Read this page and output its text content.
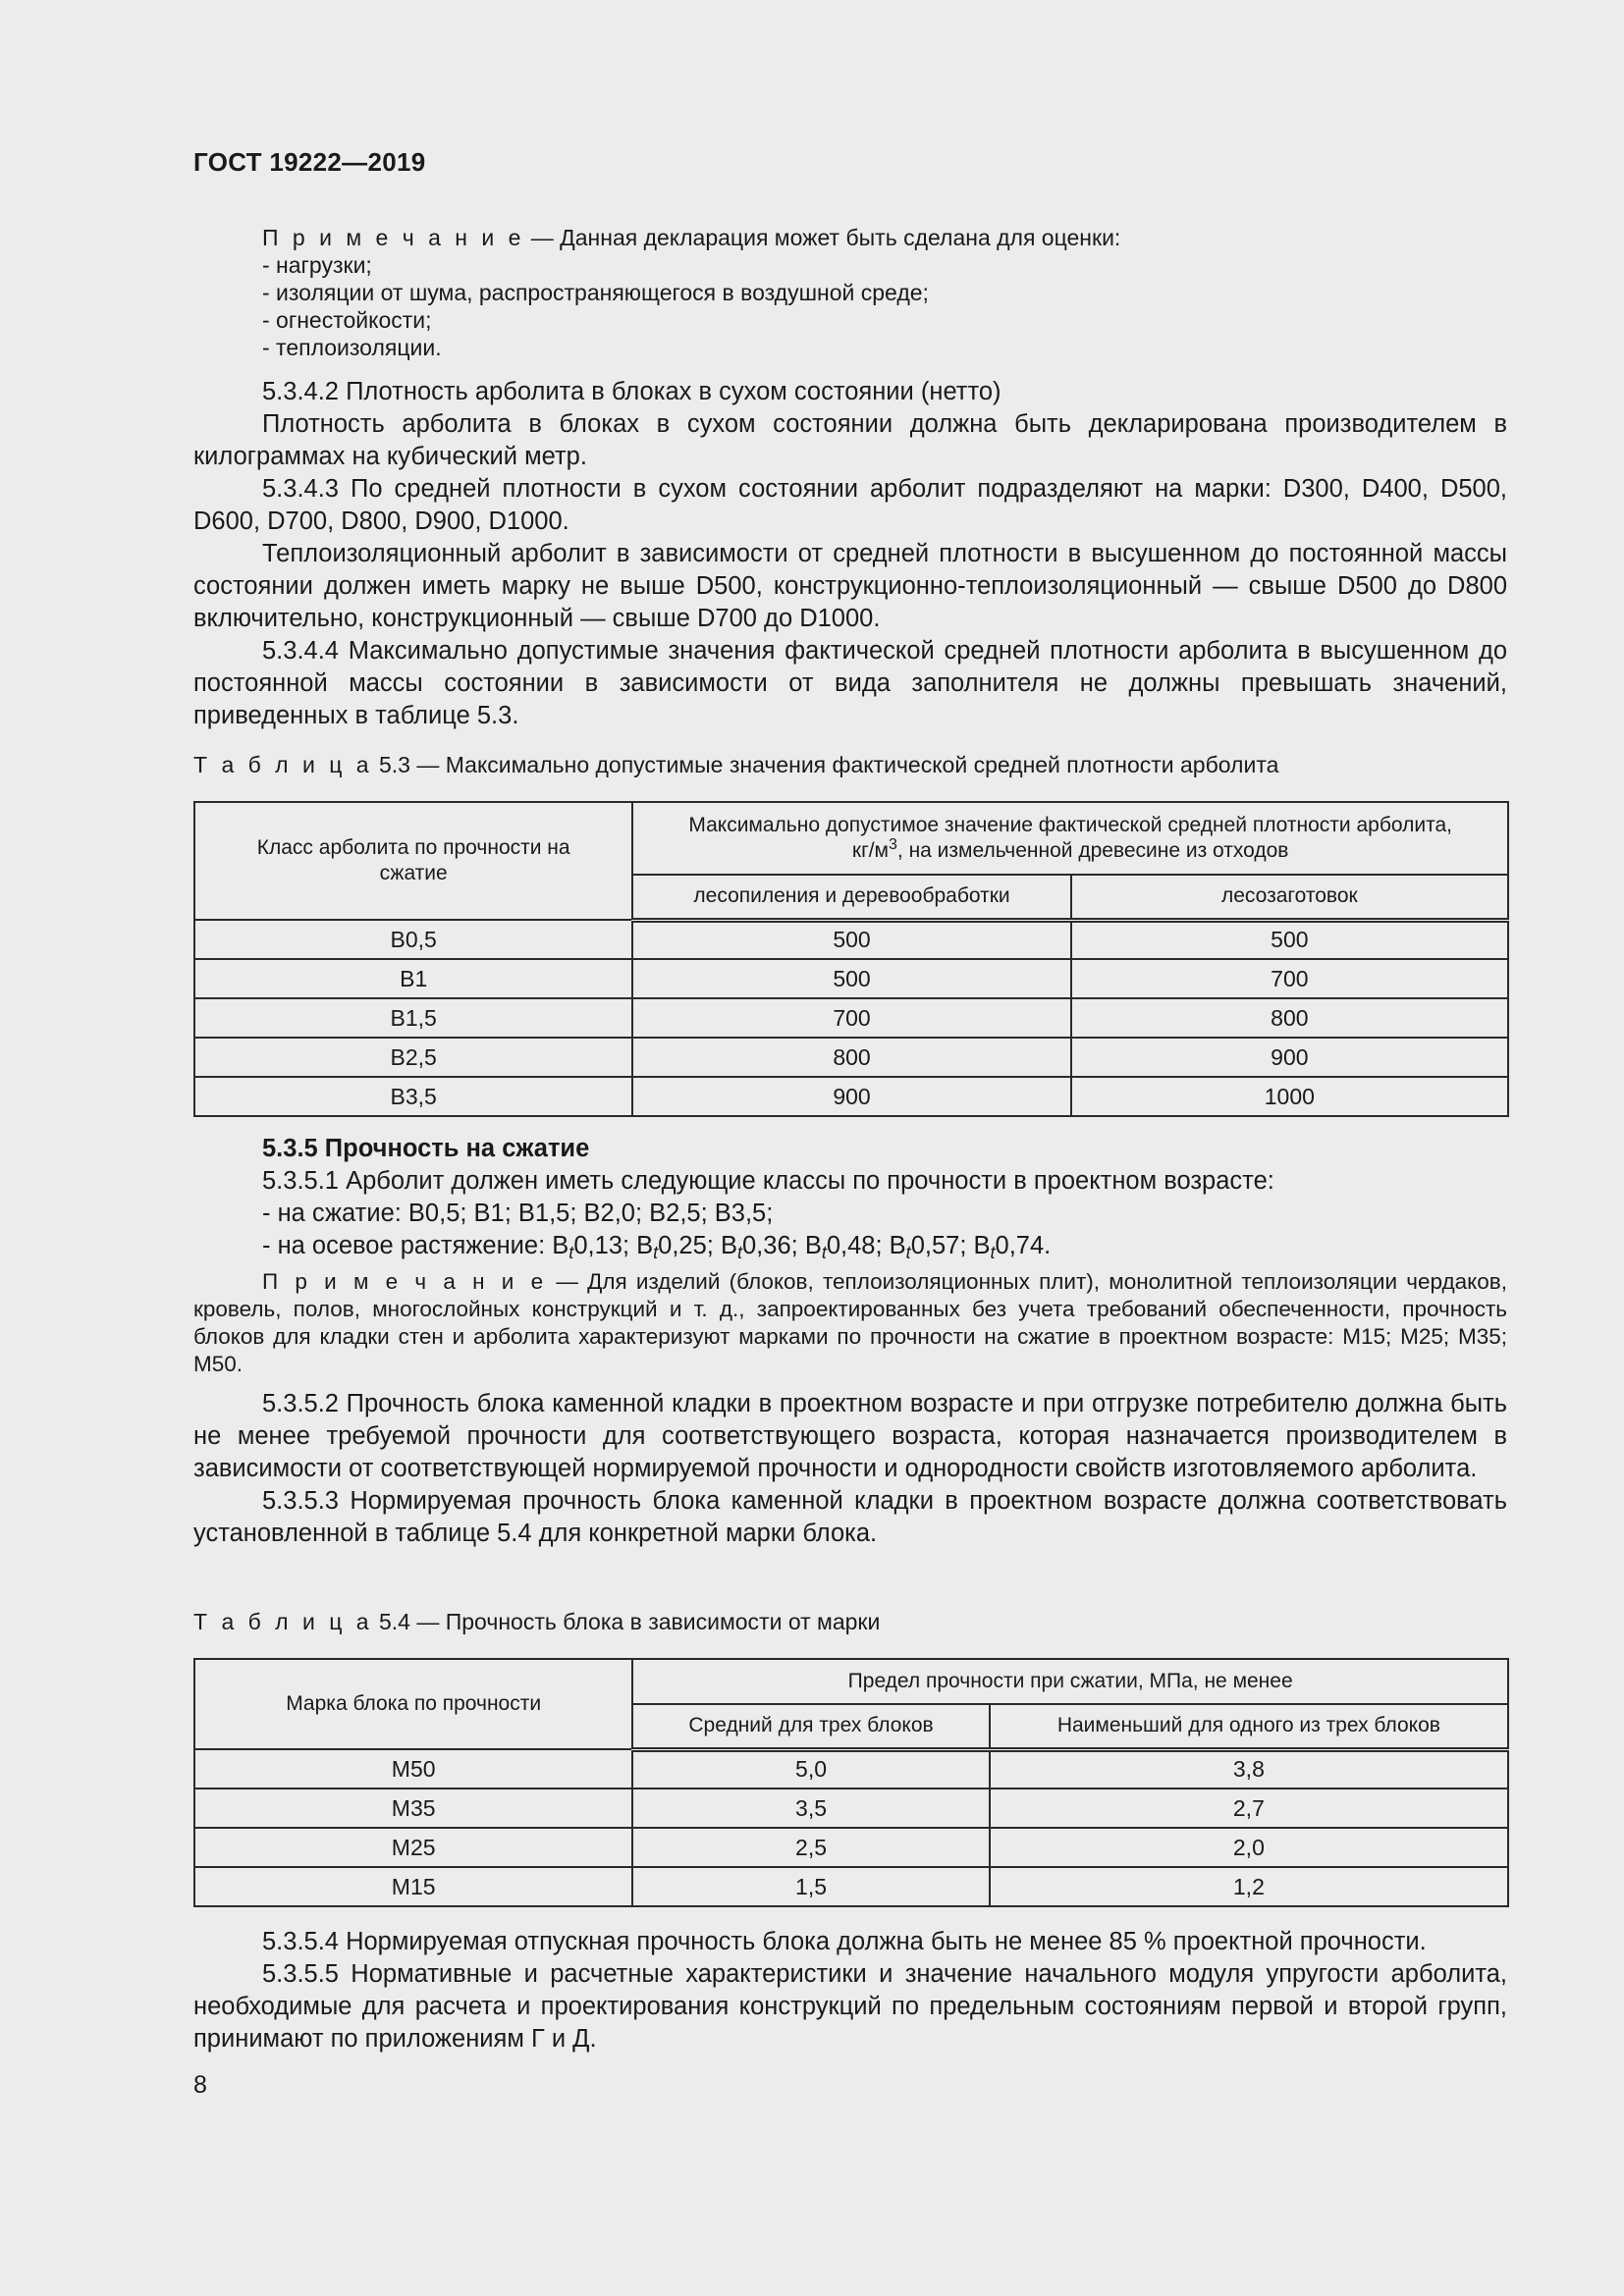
ГОСТ 19222—2019
П р и м е ч а н и е — Данная декларация может быть сделана для оценки:
- нагрузки;
- изоляции от шума, распространяющегося в воздушной среде;
- огнестойкости;
- теплоизоляции.

5.3.4.2 Плотность арболита в блоках в сухом состоянии (нетто)

Плотность арболита в блоках в сухом состоянии должна быть декларирована производителем в килограммах на кубический метр.

5.3.4.3 По средней плотности в сухом состоянии арболит подразделяют на марки: D300, D400, D500, D600, D700, D800, D900, D1000.

Теплоизоляционный арболит в зависимости от средней плотности в высушенном до постоянной массы состоянии должен иметь марку не выше D500, конструкционно-теплоизоляционный — свыше D500 до D800 включительно, конструкционный — свыше D700 до D1000.

5.3.4.4 Максимально допустимые значения фактической средней плотности арболита в высушенном до постоянной массы состоянии в зависимости от вида заполнителя не должны превышать значений, приведенных в таблице 5.3.

Т а б л и ц а 5.3 — Максимально допустимые значения фактической средней плотности арболита
Класс арболита по прочности на сжатие	Максимально допустимое значение фактической средней плотности арболита,
$кг/м^3$, на измельченной древесине из отходов	
	лесопиления и деревообработки	лесозаготовок
B0,5	500	500
B1	500	700
B1,5	700	800
B2,5	800	900
B3,5	900	1000

5.3.5 Прочность на сжатие

5.3.5.1 Арболит должен иметь следующие классы по прочности в проектном возрасте:

- на сжатие: B0,5; B1; B1,5; B2,0; B2,5; B3,5;

- на осевое растяжение: $B_t0,13$; $B_t0,25$; $B_t0,36$; $B_t0,48$; $B_t0,57$; $B_t0,74$.

П р и м е ч а н и е — Для изделий (блоков, теплоизоляционных плит), монолитной теплоизоляции чердаков, кровель, полов, многослойных конструкций и т. д., запроектированных без учета требований обеспеченности, прочность блоков для кладки стен и арболита характеризуют марками по прочности на сжатие в проектном возрасте: M15; M25; M35; M50.

5.3.5.2 Прочность блока каменной кладки в проектном возрасте и при отгрузке потребителю должна быть не менее требуемой прочности для соответствующего возраста, которая назначается производителем в зависимости от соответствующей нормируемой прочности и однородности свойств изготовляемого арболита.

5.3.5.3 Нормируемая прочность блока каменной кладки в проектном возрасте должна соответствовать установленной в таблице 5.4 для конкретной марки блока.

Т а б л и ц а 5.4 — Прочность блока в зависимости от марки
Марка блока по прочности	Предел прочности при сжатии, МПа, не менее	
	Средний для трех блоков	Наименьший для одного из трех блоков
M50	5,0	3,8
M35	3,5	2,7
M25	2,5	2,0
M15	1,5	1,2

5.3.5.4 Нормируемая отпускная прочность блока должна быть не менее 85 % проектной прочности.

5.3.5.5 Нормативные и расчетные характеристики и значение начального модуля упругости арболита, необходимые для расчета и проектирования конструкций по предельным состояниям первой и второй групп, принимают по приложениям Г и Д.

8
